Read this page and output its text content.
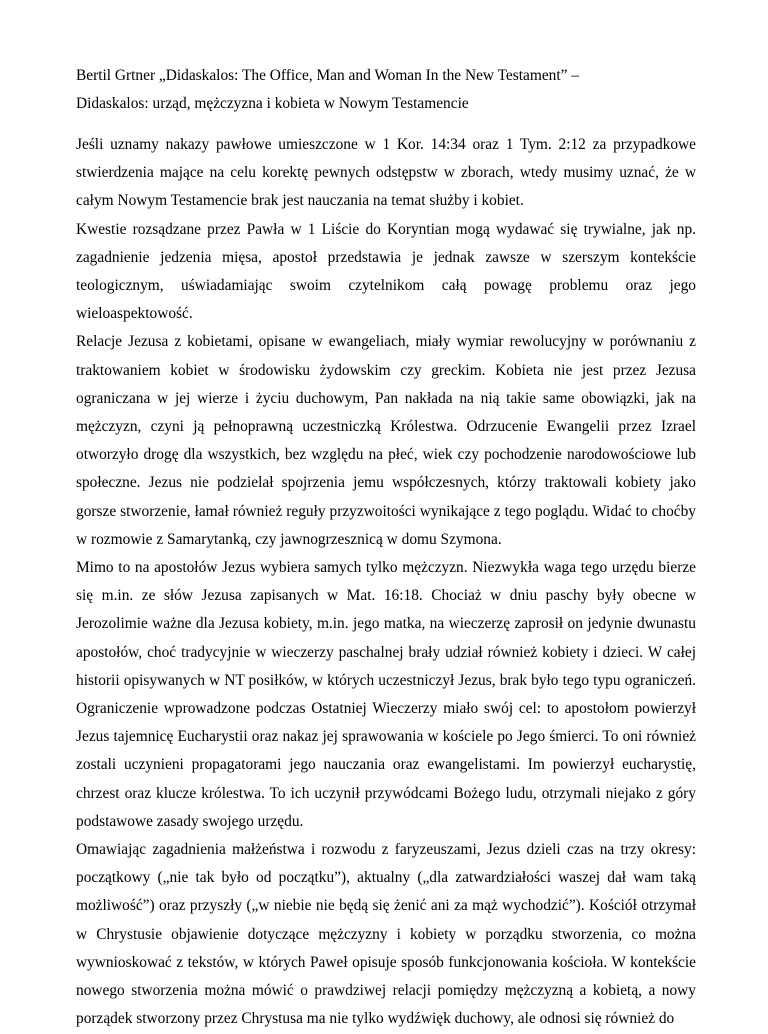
Bertil Grtner „Didaskalos: The Office, Man and Woman In the New Testament” –
Didaskalos: urząd, mężczyzna i kobieta w Nowym Testamencie

Jeśli uznamy nakazy pawłowe umieszczone w 1 Kor. 14:34 oraz 1 Tym. 2:12 za przypadkowe stwierdzenia mające na celu korektę pewnych odstępstw w zborach, wtedy musimy uznać, że w całym Nowym Testamencie brak jest nauczania na temat służby i kobiet.

Kwestie rozsądzane przez Pawła w 1 Liście do Koryntian mogą wydawać się trywialne, jak np. zagadnienie jedzenia mięsa, apostoł przedstawia je jednak zawsze w szerszym kontekście teologicznym, uświadamiając swoim czytelnikom całą powagę problemu oraz jego wieloaspektowość.

Relacje Jezusa z kobietami, opisane w ewangeliach, miały wymiar rewolucyjny w porównaniu z traktowaniem kobiet w środowisku żydowskim czy greckim. Kobieta nie jest przez Jezusa ograniczana w jej wierze i życiu duchowym, Pan nakłada na nią takie same obowiązki, jak na mężczyzn, czyni ją pełnoprawną uczestniczką Królestwa. Odrzucenie Ewangelii przez Izrael otworzyło drogę dla wszystkich, bez względu na płeć, wiek czy pochodzenie narodowościowe lub społeczne. Jezus nie podzielał spojrzenia jemu współczesnych, którzy traktowali kobiety jako gorsze stworzenie, łamał również reguły przyzwoitości wynikające z tego poglądu. Widać to choćby w rozmowie z Samarytanką, czy jawnogrzesznicą w domu Szymona.

Mimo to na apostołów Jezus wybiera samych tylko mężczyzn. Niezwykła waga tego urzędu bierze się m.in. ze słów Jezusa zapisanych w Mat. 16:18. Chociaż w dniu paschy były obecne w Jerozolimie ważne dla Jezusa kobiety, m.in. jego matka, na wieczerzę zaprosił on jedynie dwunastu apostołów, choć tradycyjnie w wieczerzy paschalnej brały udział również kobiety i dzieci. W całej historii opisywanych w NT posiłków, w których uczestniczył Jezus, brak było tego typu ograniczeń. Ograniczenie wprowadzone podczas Ostatniej Wieczerzy miało swój cel: to apostołom powierzył Jezus tajemnicę Eucharystii oraz nakaz jej sprawowania w kościele po Jego śmierci. To oni również zostali uczynieni propagatorami jego nauczania oraz ewangelistami. Im powierzył eucharystię, chrzest oraz klucze królestwa. To ich uczynił przywódcami Bożego ludu, otrzymali niejako z góry podstawowe zasady swojego urzędu.

Omawiając zagadnienia małżeństwa i rozwodu z faryzeuszami, Jezus dzieli czas na trzy okresy: początkowy („nie tak było od początku”), aktualny („dla zatwardziałości waszej dał wam taką możliwość”) oraz przyszły („w niebie nie będą się żenić ani za mąż wychodzić”). Kościół otrzymał w Chrystusie objawienie dotyczące mężczyzny i kobiety w porządku stworzenia, co można wywnioskować z tekstów, w których Paweł opisuje sposób funkcjonowania kościoła. W kontekście nowego stworzenia można mówić o prawdziwej relacji pomiędzy mężczyzną a kobietą, a nowy porządek stworzony przez Chrystusa ma nie tylko wydźwięk duchowy, ale odnosi się również do
